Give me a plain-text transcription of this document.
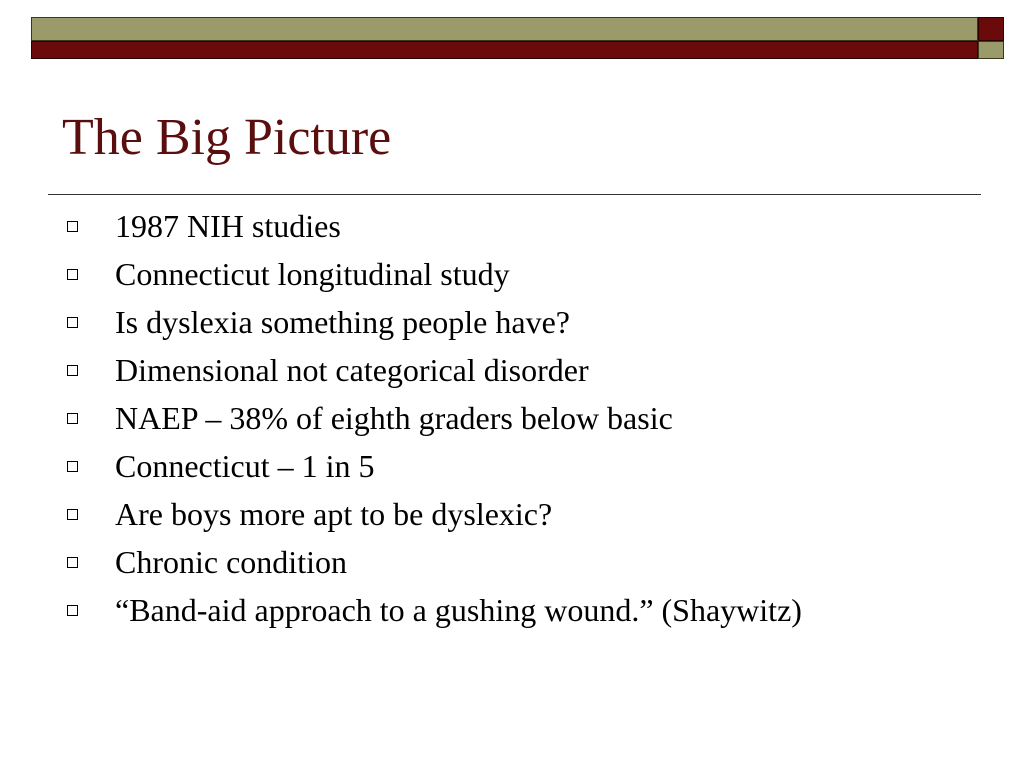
The Big Picture
1987 NIH studies
Connecticut longitudinal study
Is dyslexia something people have?
Dimensional not categorical disorder
NAEP – 38% of eighth graders below basic
Connecticut – 1 in 5
Are boys more apt to be dyslexic?
Chronic condition
“Band-aid approach to a gushing wound.” (Shaywitz)
